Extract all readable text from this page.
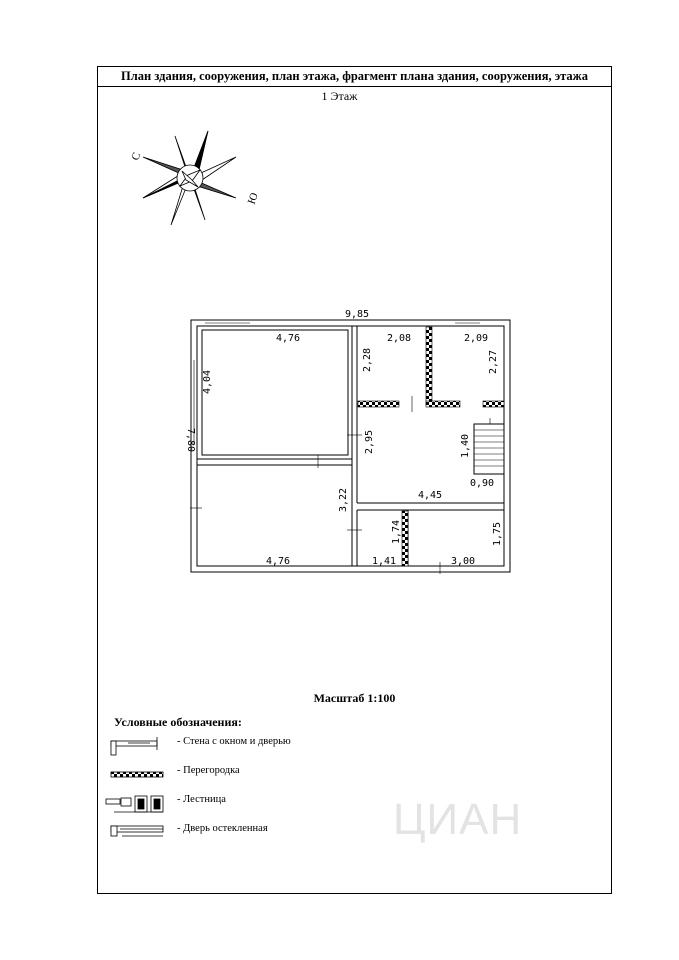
План здания, сооружения, план этажа, фрагмент плана здания, сооружения, этажа
1 Этаж
Масштаб 1:100
Условные обозначения:
- Стена с окном и дверью
- Перегородка
- Лестница
- Дверь остекленная
С
Ю
9,85
7,80
4,76
4,04
4,76
3,22
2,08
2,28
2,09
2,27
2,95
4,45
1,40
0,90
1,41
1,74
3,00
1,75
ЦИАН
